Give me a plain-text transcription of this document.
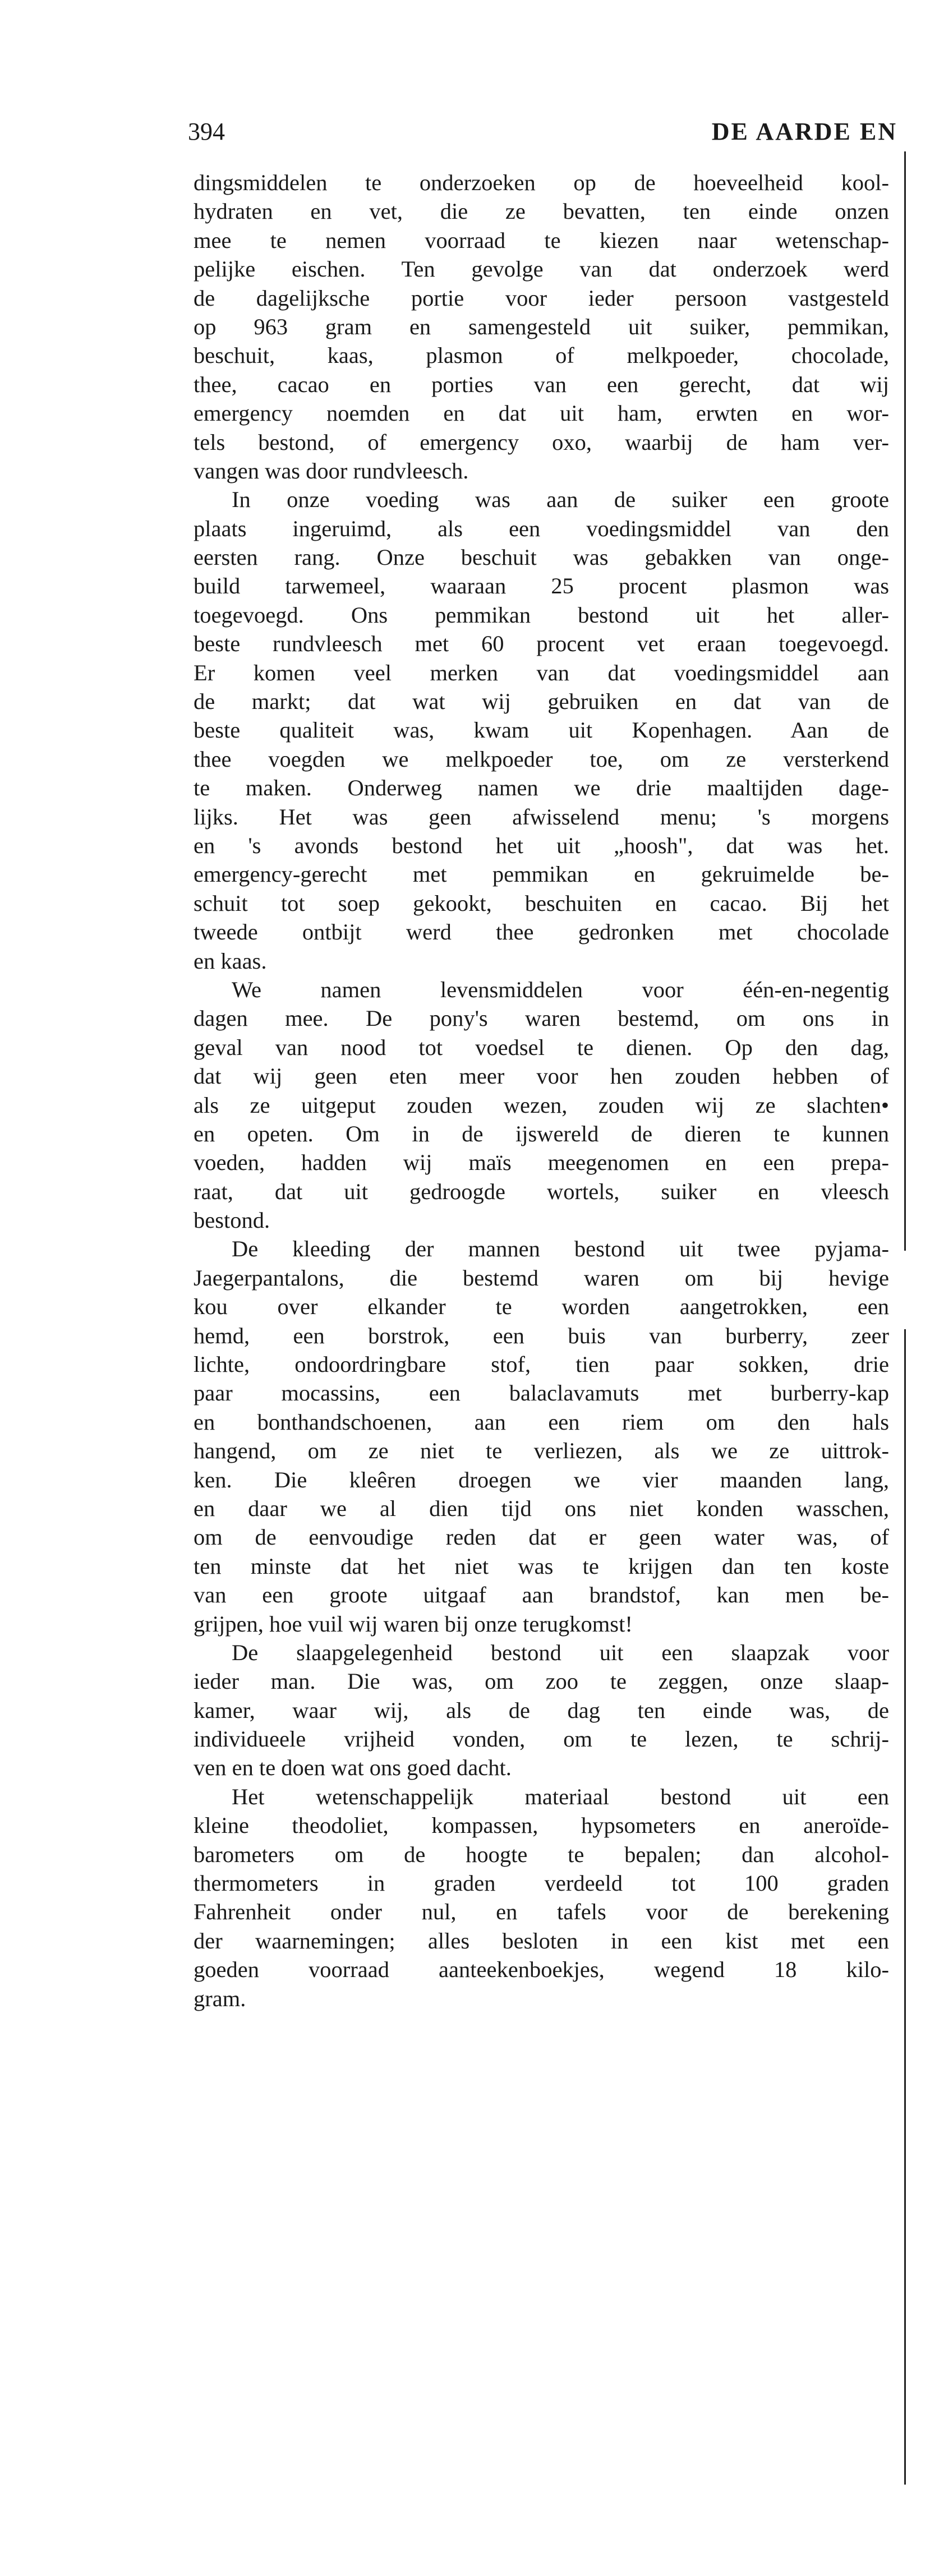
394	DE AARDE EN
dingsmiddelen te onderzoeken op de hoeveelheid kool-
hydraten en vet, die ze bevatten, ten einde onzen
mee te nemen voorraad te kiezen naar wetenschap-
pelijke eischen. Ten gevolge van dat onderzoek werd
de dagelijksche portie voor ieder persoon vastgesteld
op 963 gram en samengesteld uit suiker, pemmikan,
beschuit, kaas, plasmon of melkpoeder, chocolade,
thee, cacao en porties van een gerecht, dat wij
emergency noemden en dat uit ham, erwten en wor-
tels bestond, of emergency oxo, waarbij de ham ver-
vangen was door rundvleesch.
In onze voeding was aan de suiker een groote
plaats ingeruimd, als een voedingsmiddel van den
eersten rang. Onze beschuit was gebakken van onge-
build tarwemeel, waaraan 25 procent plasmon was
toegevoegd. Ons pemmikan bestond uit het aller-
beste rundvleesch met 60 procent vet eraan toegevoegd.
Er komen veel merken van dat voedingsmiddel aan
de markt; dat wat wij gebruiken en dat van de
beste qualiteit was, kwam uit Kopenhagen. Aan de
thee voegden we melkpoeder toe, om ze versterkend
te maken. Onderweg namen we drie maaltijden dage-
lijks. Het was geen afwisselend menu; 's morgens
en 's avonds bestond het uit „hoosh", dat was het.
emergency-gerecht met pemmikan en gekruimelde be-
schuit tot soep gekookt, beschuiten en cacao. Bij het
tweede ontbijt werd thee gedronken met chocolade
en kaas.
We namen levensmiddelen voor één-en-negentig
dagen mee. De pony's waren bestemd, om ons in
geval van nood tot voedsel te dienen. Op den dag,
dat wij geen eten meer voor hen zouden hebben of
als ze uitgeput zouden wezen, zouden wij ze slachten•
en opeten. Om in de ijswereld de dieren te kunnen
voeden, hadden wij maïs meegenomen en een prepa-
raat, dat uit gedroogde wortels, suiker en vleesch
bestond.
De kleeding der mannen bestond uit twee pyjama-
Jaegerpantalons, die bestemd waren om bij hevige
kou over elkander te worden aangetrokken, een
hemd, een borstrok, een buis van burberry, zeer
lichte, ondoordringbare stof, tien paar sokken, drie
paar mocassins, een balaclavamuts met burberry-kap
en bonthandschoenen, aan een riem om den hals
hangend, om ze niet te verliezen, als we ze uittrok-
ken. Die kleêren droegen we vier maanden lang,
en daar we al dien tijd ons niet konden wasschen,
om de eenvoudige reden dat er geen water was, of
ten minste dat het niet was te krijgen dan ten koste
van een groote uitgaaf aan brandstof, kan men be-
grijpen, hoe vuil wij waren bij onze terugkomst!
De slaapgelegenheid bestond uit een slaapzak voor
ieder man. Die was, om zoo te zeggen, onze slaap-
kamer, waar wij, als de dag ten einde was, de
individueele vrijheid vonden, om te lezen, te schrij-
ven en te doen wat ons goed dacht.
Het wetenschappelijk materiaal bestond uit een
kleine theodoliet, kompassen, hypsometers en aneroïde-
barometers om de hoogte te bepalen; dan alcohol-
thermometers in graden verdeeld tot 100 graden
Fahrenheit onder nul, en tafels voor de berekening
der waarnemingen; alles besloten in een kist met een
goeden voorraad aanteekenboekjes, wegend 18 kilo-
gram.
